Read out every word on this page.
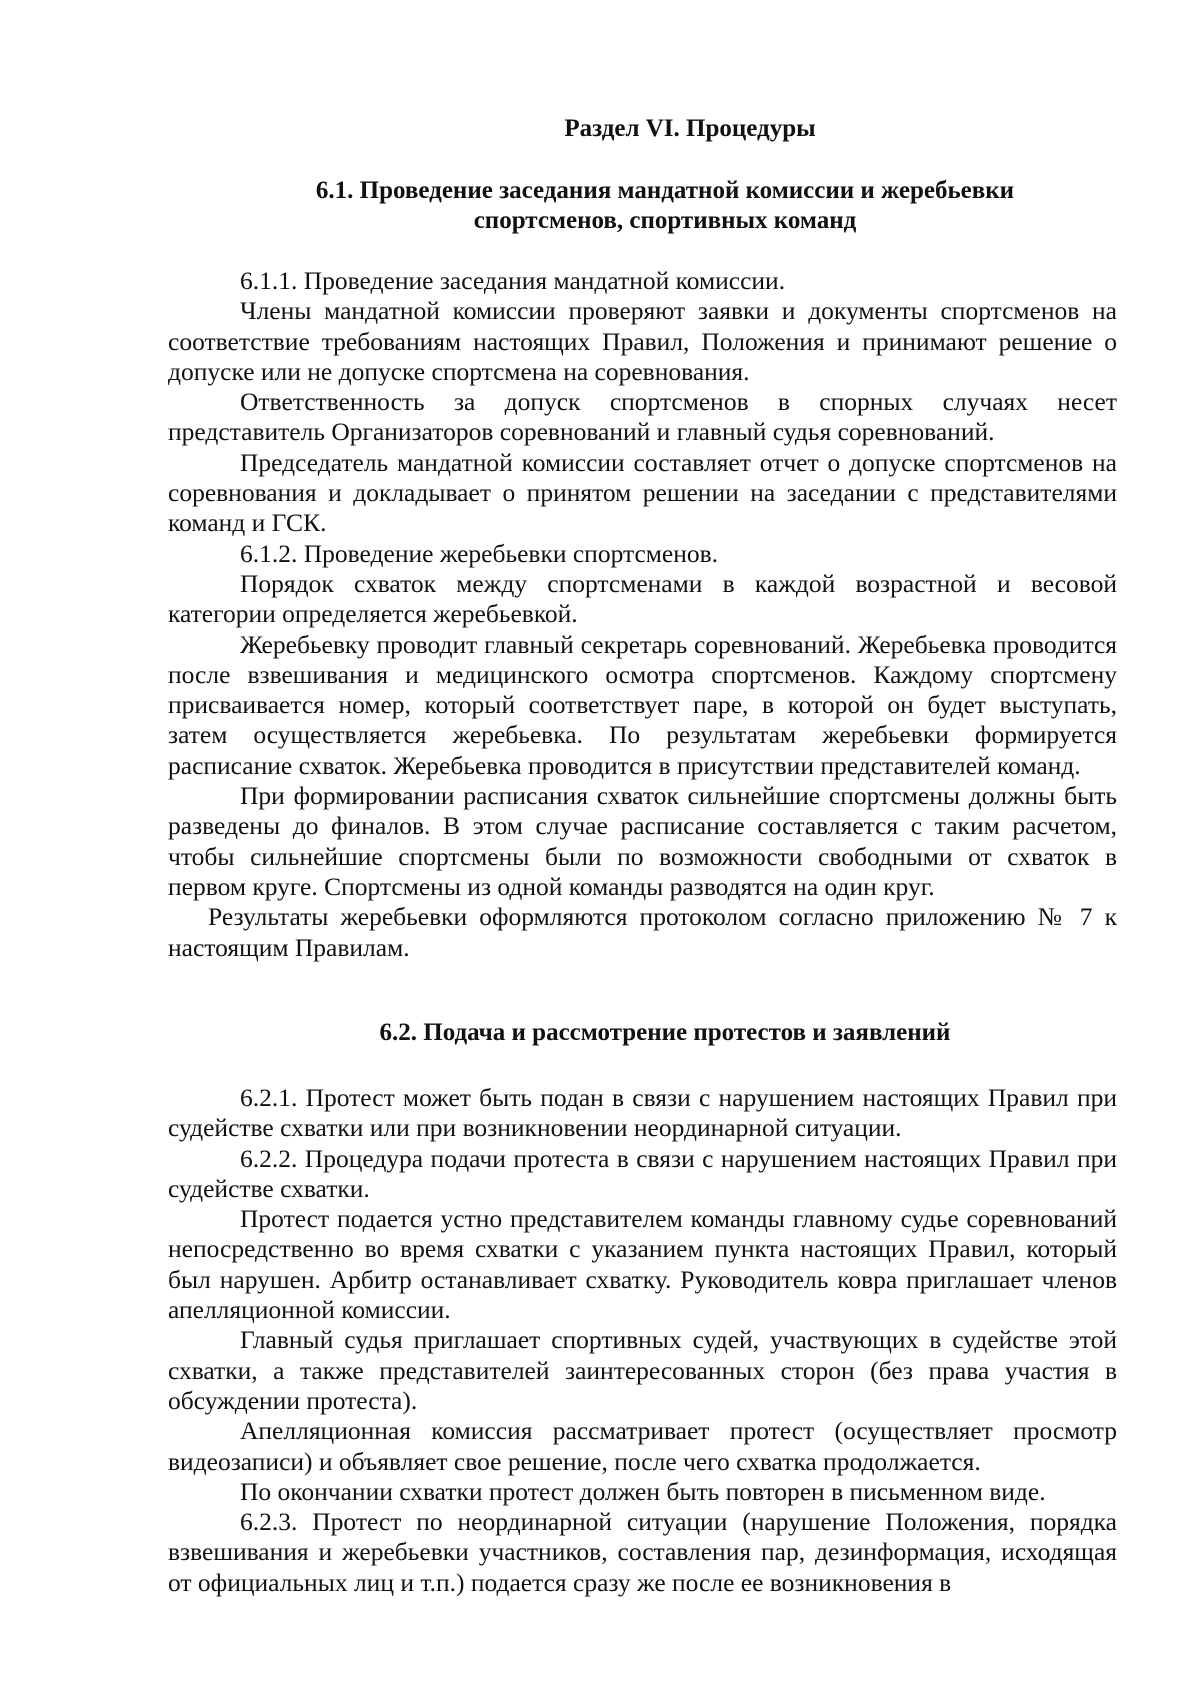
Раздел VI. Процедуры
6.1. Проведение заседания мандатной комиссии и жеребьевки
спортсменов, спортивных команд

6.1.1. Проведение заседания мандатной комиссии.

Члены мандатной комиссии проверяют заявки и документы спортсменов на соответствие требованиям настоящих Правил, Положения и принимают решение о допуске или не допуске спортсмена на соревнования.

Ответственность за допуск спортсменов в спорных случаях несет представитель Организаторов соревнований и главный судья соревнований.

Председатель мандатной комиссии составляет отчет о допуске спортсменов на соревнования и докладывает о принятом решении на заседании с представителями команд и ГСК.

6.1.2. Проведение жеребьевки спортсменов.

Порядок схваток между спортсменами в каждой возрастной и весовой категории определяется жеребьевкой.

Жеребьевку проводит главный секретарь соревнований. Жеребьевка проводится после взвешивания и медицинского осмотра спортсменов. Каждому спортсмену присваивается номер, который соответствует паре, в которой он будет выступать, затем осуществляется жеребьевка. По результатам жеребьевки формируется расписание схваток. Жеребьевка проводится в присутствии представителей команд.

При формировании расписания схваток сильнейшие спортсмены должны быть разведены до финалов. В этом случае расписание составляется с таким расчетом, чтобы сильнейшие спортсмены были по возможности свободными от схваток в первом круге. Спортсмены из одной команды разводятся на один круг.

Результаты жеребьевки оформляются протоколом согласно приложению № 7 к настоящим Правилам.

6.2. Подача и рассмотрение протестов и заявлений

6.2.1. Протест может быть подан в связи с нарушением настоящих Правил при судействе схватки или при возникновении неординарной ситуации.

6.2.2. Процедура подачи протеста в связи с нарушением настоящих Правил при судействе схватки.

Протест подается устно представителем команды главному судье соревнований непосредственно во время схватки с указанием пункта настоящих Правил, который был нарушен. Арбитр останавливает схватку. Руководитель ковра приглашает членов апелляционной комиссии.

Главный судья приглашает спортивных судей, участвующих в судействе этой схватки, а также представителей заинтересованных сторон (без права участия в обсуждении протеста).

Апелляционная комиссия рассматривает протест (осуществляет просмотр видеозаписи) и объявляет свое решение, после чего схватка продолжается.

По окончании схватки протест должен быть повторен в письменном виде.

6.2.3. Протест по неординарной ситуации (нарушение Положения, порядка взвешивания и жеребьевки участников, составления пар, дезинформация, исходящая от официальных лиц и т.п.) подается сразу же после ее возникновения в
